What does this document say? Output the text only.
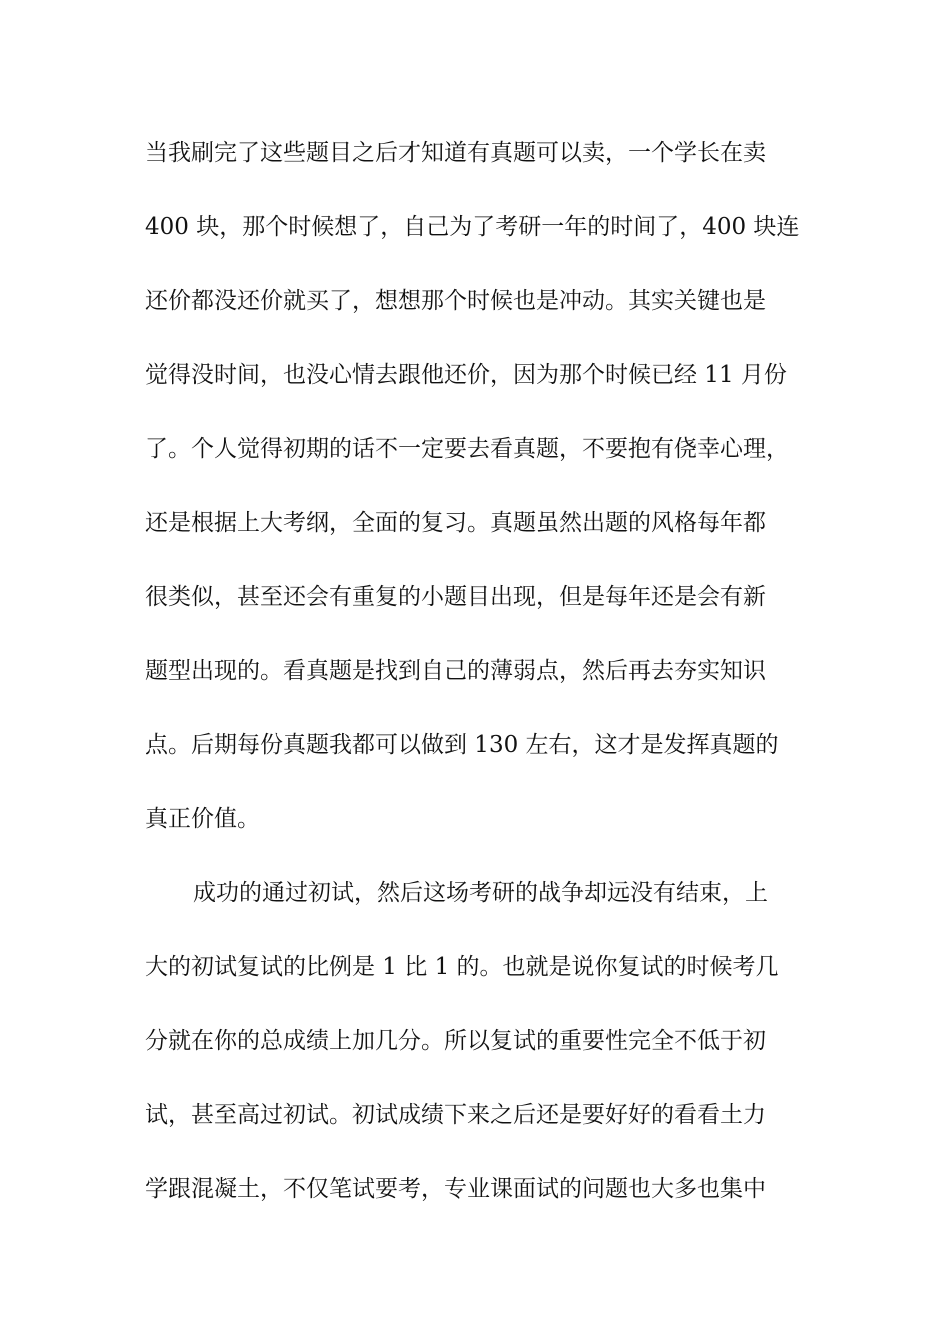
当我刷完了这些题目之后才知道有真题可以卖，一个学长在卖
400 块，那个时候想了，自己为了考研一年的时间了，400 块连
还价都没还价就买了，想想那个时候也是冲动。其实关键也是
觉得没时间，也没心情去跟他还价，因为那个时候已经 11 月份
了。个人觉得初期的话不一定要去看真题，不要抱有侥幸心理，
还是根据上大考纲，全面的复习。真题虽然出题的风格每年都
很类似，甚至还会有重复的小题目出现，但是每年还是会有新
题型出现的。看真题是找到自己的薄弱点，然后再去夯实知识
点。后期每份真题我都可以做到 130 左右，这才是发挥真题的
真正价值。
成功的通过初试，然后这场考研的战争却远没有结束，上
大的初试复试的比例是 1 比 1 的。也就是说你复试的时候考几
分就在你的总成绩上加几分。所以复试的重要性完全不低于初
试，甚至高过初试。初试成绩下来之后还是要好好的看看土力
学跟混凝土，不仅笔试要考，专业课面试的问题也大多也集中
